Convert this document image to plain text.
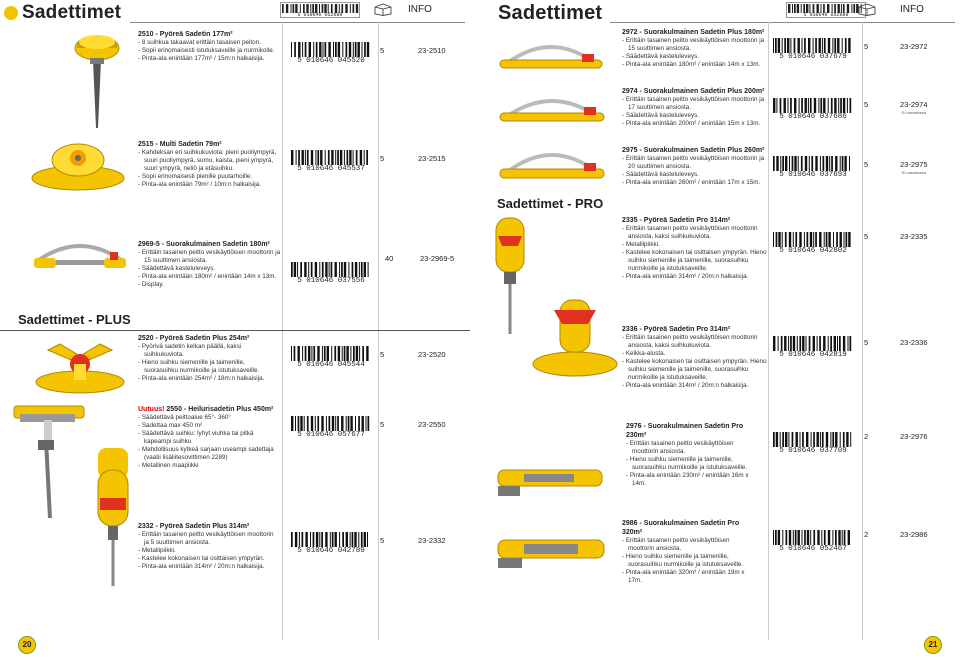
Sadettimet	5 010646 052689	INFO	Sadettimet	5 010646 052689	INFO
Sadettimet - PLUS
Sadettimet - PRO
2510 - Pyöreä Sadetin 177m²
- 8 suihkua takaavat erittäin tasaisen peiton.
- Sopii erinomaisesti istutuksaveille ja nurmikolle.
- Pinta-ala enintään 177m² / 15m:n halkaisija.	5 010646 045520
5	23-2510
2515 - Multi Sadetin 79m²
- Kahdeksan eri suihkukuviota: pieni puoliympyrä, suuri puoliympyrä, sumu, kaista, pieni ympyrä, suuri ympyrä, neliö ja etäsuihku.
- Sopii erinomaisesti pienille puutarhoille.
- Pinta-ala enintään 79m² / 10m:n halkaisija.
5 010646 045537
5	23-2515
2969-5 - Suorakulmainen Sadetin 180m²
- Erittäin tasainen peitto vesikäyttöisen moottorin ja 15 suuttimen ansiosta.
- Säädettävä kasteluleveys.
- Pinta-ala enintään 180m² / enintään 14m x 13m.
- Display.	5 010646 037556
40	23-2969-5
2520 - Pyöreä Sadetin Plus 254m²
- Pyörivä sadetin kelkan päällä, kaksi suihkukuviota.
- Hieno suihku siemenille ja taimenille, suorasuihku nurmikoille ja istutuksaveille.
- Pinta-ala enintään 254m² / 18m:n halkaisija.
5 010646 045544
5	23-2520
Uutuus! 2550 - Heilurisadetin Plus 450m²
- Säädettävä peittoalue 65°- 360°
- Sadettaa max 450 m²
- Säädettävä suihku: lyhyt viuhka tai pitkä kapeampi suihku
- Mahdollisuus kytkeä sarjaan useampi sadettaja (vaatii lisäliitesovittimen 2289)
- Metallinen maapiikki
5 010646 057677
5	23-2550
2332 - Pyöreä Sadetin Plus 314m²
- Erittäin tasainen peitto vesikäyttöisen moottorin ja 5 suuttimen ansiosta.
- Metallipiikki.
- Kastelee kokonaisen tai osittaisen ympyrän.
- Pinta-ala enintään 314m² / 20m:n halkaisija.
5 010646 042789
5	23-2332
2972 - Suorakulmainen Sadetin Plus 180m²
- Erittäin tasainen peitto vesikäyttöisen moottorin ja 15 suuttimen ansiosta.
- Säädettävä kasteluleveys.
- Pinta-ala enintään 180m² / enintään 14m x 13m.
5 010646 037679
5	23-2972
2974 - Suorakulmainen Sadetin Plus 200m²
- Erittäin tasainen peitto vesikäyttöisen moottorin ja 17 suuttimen ansiosta.
- Säädettävä kasteluleveys.
- Pinta-ala enintään 200m² / enintään 15m x 13m.
5 010646 037686
5	23-2974
Ei varastossa
2975 - Suorakulmainen Sadetin Plus 260m²
- Erittäin tasainen peitto vesikäyttöisen moottorin ja 20 suuttimen ansiosta.
- Säädettävä kasteluleveys.
- Pinta-ala enintään 260m² / enintään 17m x 15m.
5 010646 037693
5	23-2975
Ei varastossa
2335 - Pyöreä Sadetin Pro 314m²
- Erittäin tasainen peitto vesikäyttöisen moottorin ansiosta, kaksi suihkukuviota.
- Metallipiikki.
- Kastelee kokonaisen tai osittaisen ympyrän. Hieno suihku siemenille ja taimenille, suorasuihku nurmikoille ja istutuksaveille.
- Pinta-ala enintään 314m² / 20m:n halkaisija.
5 010646 042802
5	23-2335
2336 - Pyöreä Sadetin Pro 314m²
- Erittäin tasainen peitto vesikäyttöisen moottorin ansiosta, kaksi suihkukuviota.
- Kelkka-alusta.
- Kastelee kokonaisen tai osittaisen ympyrän. Hieno suihku siemenille ja taimenille, suorasuihku nurmikoille ja istutuksaveille.
- Pinta-ala enintään 314m² / 20m:n halkaisija.
5 010646 042819
5	23-2336
2976 - Suorakulmainen Sadetin Pro 230m²
- Erittäin tasainen peitto vesikäyttöisen moottorin ansiosta.
- Hieno suihku siemenille ja taimenille, suorasuihku nurmikoille ja istutuksaveille.
- Pinta-ala enintään 230m² / enintään 16m x 14m.
5 010646 037709
2	23-2976
2986 - Suorakulmainen Sadetin Pro 320m²
- Erittäin tasainen peitto vesikäyttöisen moottorin ansiosta.
- Hieno suihku siemenille ja taimenille, suorasuihku nurmikoille ja istutuksaveille.
- Pinta-ala enintään 320m² / enintään 19m x 17m.
5 010646 052467
2	23-2986
20	21
